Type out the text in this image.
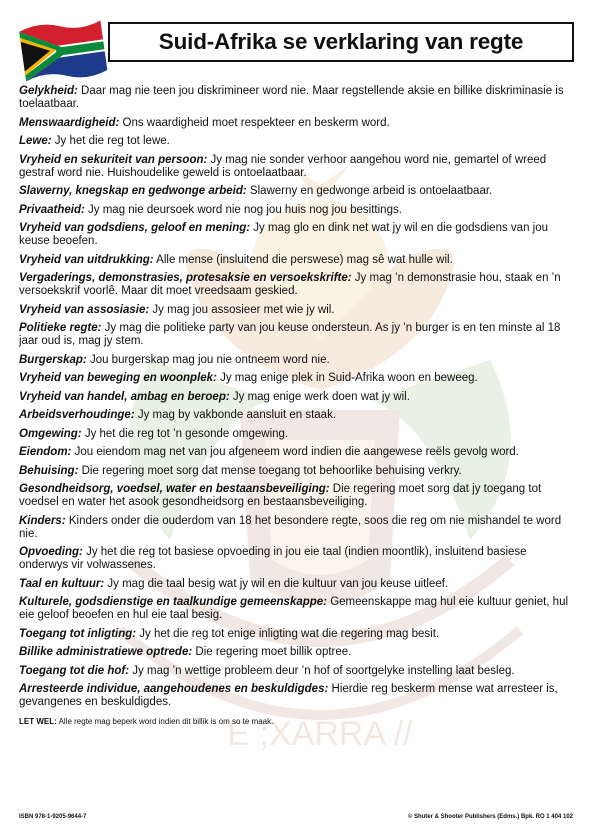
E ;XARRA //
Suid-Afrika se verklaring van regte

Gelykheid: Daar mag nie teen jou diskrimineer word nie. Maar regstellende aksie en billike diskriminasie is toelaatbaar.

Menswaardigheid: Ons waardigheid moet respekteer en beskerm word.

Lewe: Jy het die reg tot lewe.

Vryheid en sekuriteit van persoon: Jy mag nie sonder verhoor aangehou word nie, gemartel of wreed gestraf word nie. Huishoudelike geweld is ontoelaatbaar.

Slawerny, knegskap en gedwonge arbeid: Slawerny en gedwonge arbeid is ontoelaatbaar.

Privaatheid: Jy mag nie deursoek word nie nog jou huis nog jou besittings.

Vryheid van godsdiens, geloof en mening: Jy mag glo en dink net wat jy wil en die godsdiens van jou keuse beoefen.

Vryheid van uitdrukking: Alle mense (insluitend die perswese) mag sê wat hulle wil.

Vergaderings, demonstrasies, protesaksie en versoekskrifte: Jy mag ’n demonstrasie hou, staak en ’n versoekskrif voorlê. Maar dit moet vreedsaam geskied.

Vryheid van assosiasie: Jy mag jou assosieer met wie jy wil.

Politieke regte: Jy mag die politieke party van jou keuse ondersteun. As jy ’n burger is en ten minste al 18 jaar oud is, mag jy stem.

Burgerskap: Jou burgerskap mag jou nie ontneem word nie.

Vryheid van beweging en woonplek: Jy mag enige plek in Suid-Afrika woon en beweeg.

Vryheid van handel, ambag en beroep: Jy mag enige werk doen wat jy wil.

Arbeidsverhoudinge: Jy mag by vakbonde aansluit en staak.

Omgewing: Jy het die reg tot ’n gesonde omgewing.

Eiendom: Jou eiendom mag net van jou afgeneem word indien die aangewese reëls gevolg word.

Behuising: Die regering moet sorg dat mense toegang tot behoorlike behuising verkry.

Gesondheidsorg, voedsel, water en bestaansbeveiliging: Die regering moet sorg dat jy toegang tot voedsel en water het asook gesondheidsorg en bestaansbeveiliging.

Kinders: Kinders onder die ouderdom van 18 het besondere regte, soos die reg om nie mishandel te word nie.

Opvoeding: Jy het die reg tot basiese opvoeding in jou eie taal (indien moontlik), insluitend basiese onderwys vir volwassenes.

Taal en kultuur: Jy mag die taal besig wat jy wil en die kultuur van jou keuse uitleef.

Kulturele, godsdienstige en taalkundige gemeenskappe: Gemeenskappe mag hul eie kultuur geniet, hul eie geloof beoefen en hul eie taal besig.

Toegang tot inligting: Jy het die reg tot enige inligting wat die regering mag besit.

Billike administratiewe optrede: Die regering moet billik optree.

Toegang tot die hof: Jy mag ’n wettige probleem deur ’n hof of soortgelyke instelling laat besleg.

Arresteerde individue, aangehoudenes en beskuldigdes: Hierdie reg beskerm mense wat arresteer is, gevangenes en beskuldigdes.

LET WEL: Alle regte mag beperk word indien dit billik is om so te maak.
ISBN 978-1-9205-9644-7	© Shuter & Shooter Publishers (Edms.) Bpk. RO 1 404 102
